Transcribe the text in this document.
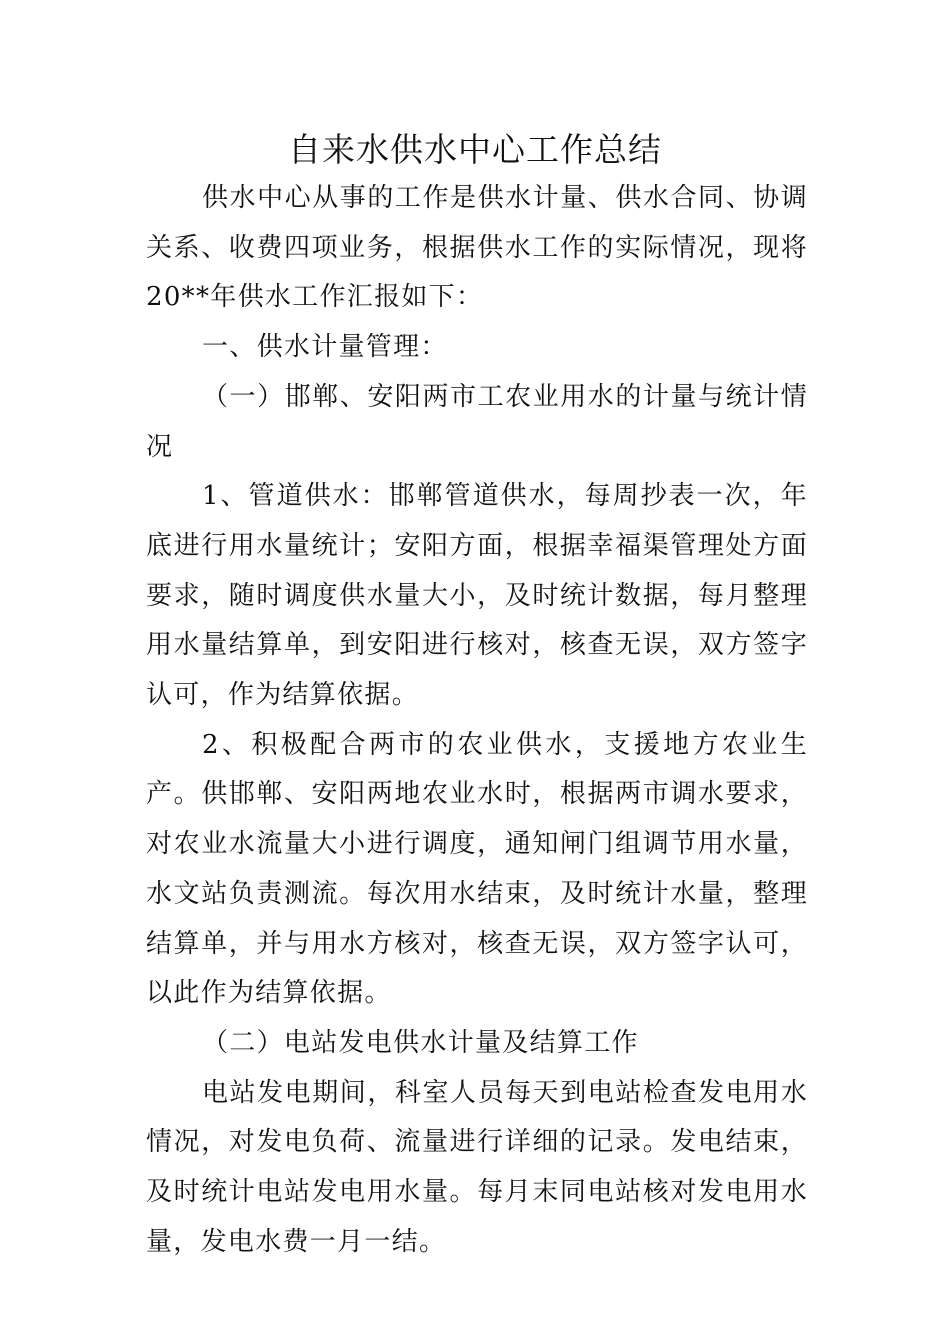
自来水供水中心工作总结

供水中心从事的工作是供水计量、供水合同、协调关系、收费四项业务，根据供水工作的实际情况，现将20**年供水工作汇报如下：

一、供水计量管理：

（一）邯郸、安阳两市工农业用水的计量与统计情况

1、管道供水：邯郸管道供水，每周抄表一次，年底进行用水量统计；安阳方面，根据幸福渠管理处方面要求，随时调度供水量大小，及时统计数据，每月整理用水量结算单，到安阳进行核对，核查无误，双方签字认可，作为结算依据。

2、积极配合两市的农业供水，支援地方农业生产。供邯郸、安阳两地农业水时，根据两市调水要求，对农业水流量大小进行调度，通知闸门组调节用水量，水文站负责测流。每次用水结束，及时统计水量，整理结算单，并与用水方核对，核查无误，双方签字认可，以此作为结算依据。

（二）电站发电供水计量及结算工作

电站发电期间，科室人员每天到电站检查发电用水情况，对发电负荷、流量进行详细的记录。发电结束，及时统计电站发电用水量。每月末同电站核对发电用水量，发电水费一月一结。
